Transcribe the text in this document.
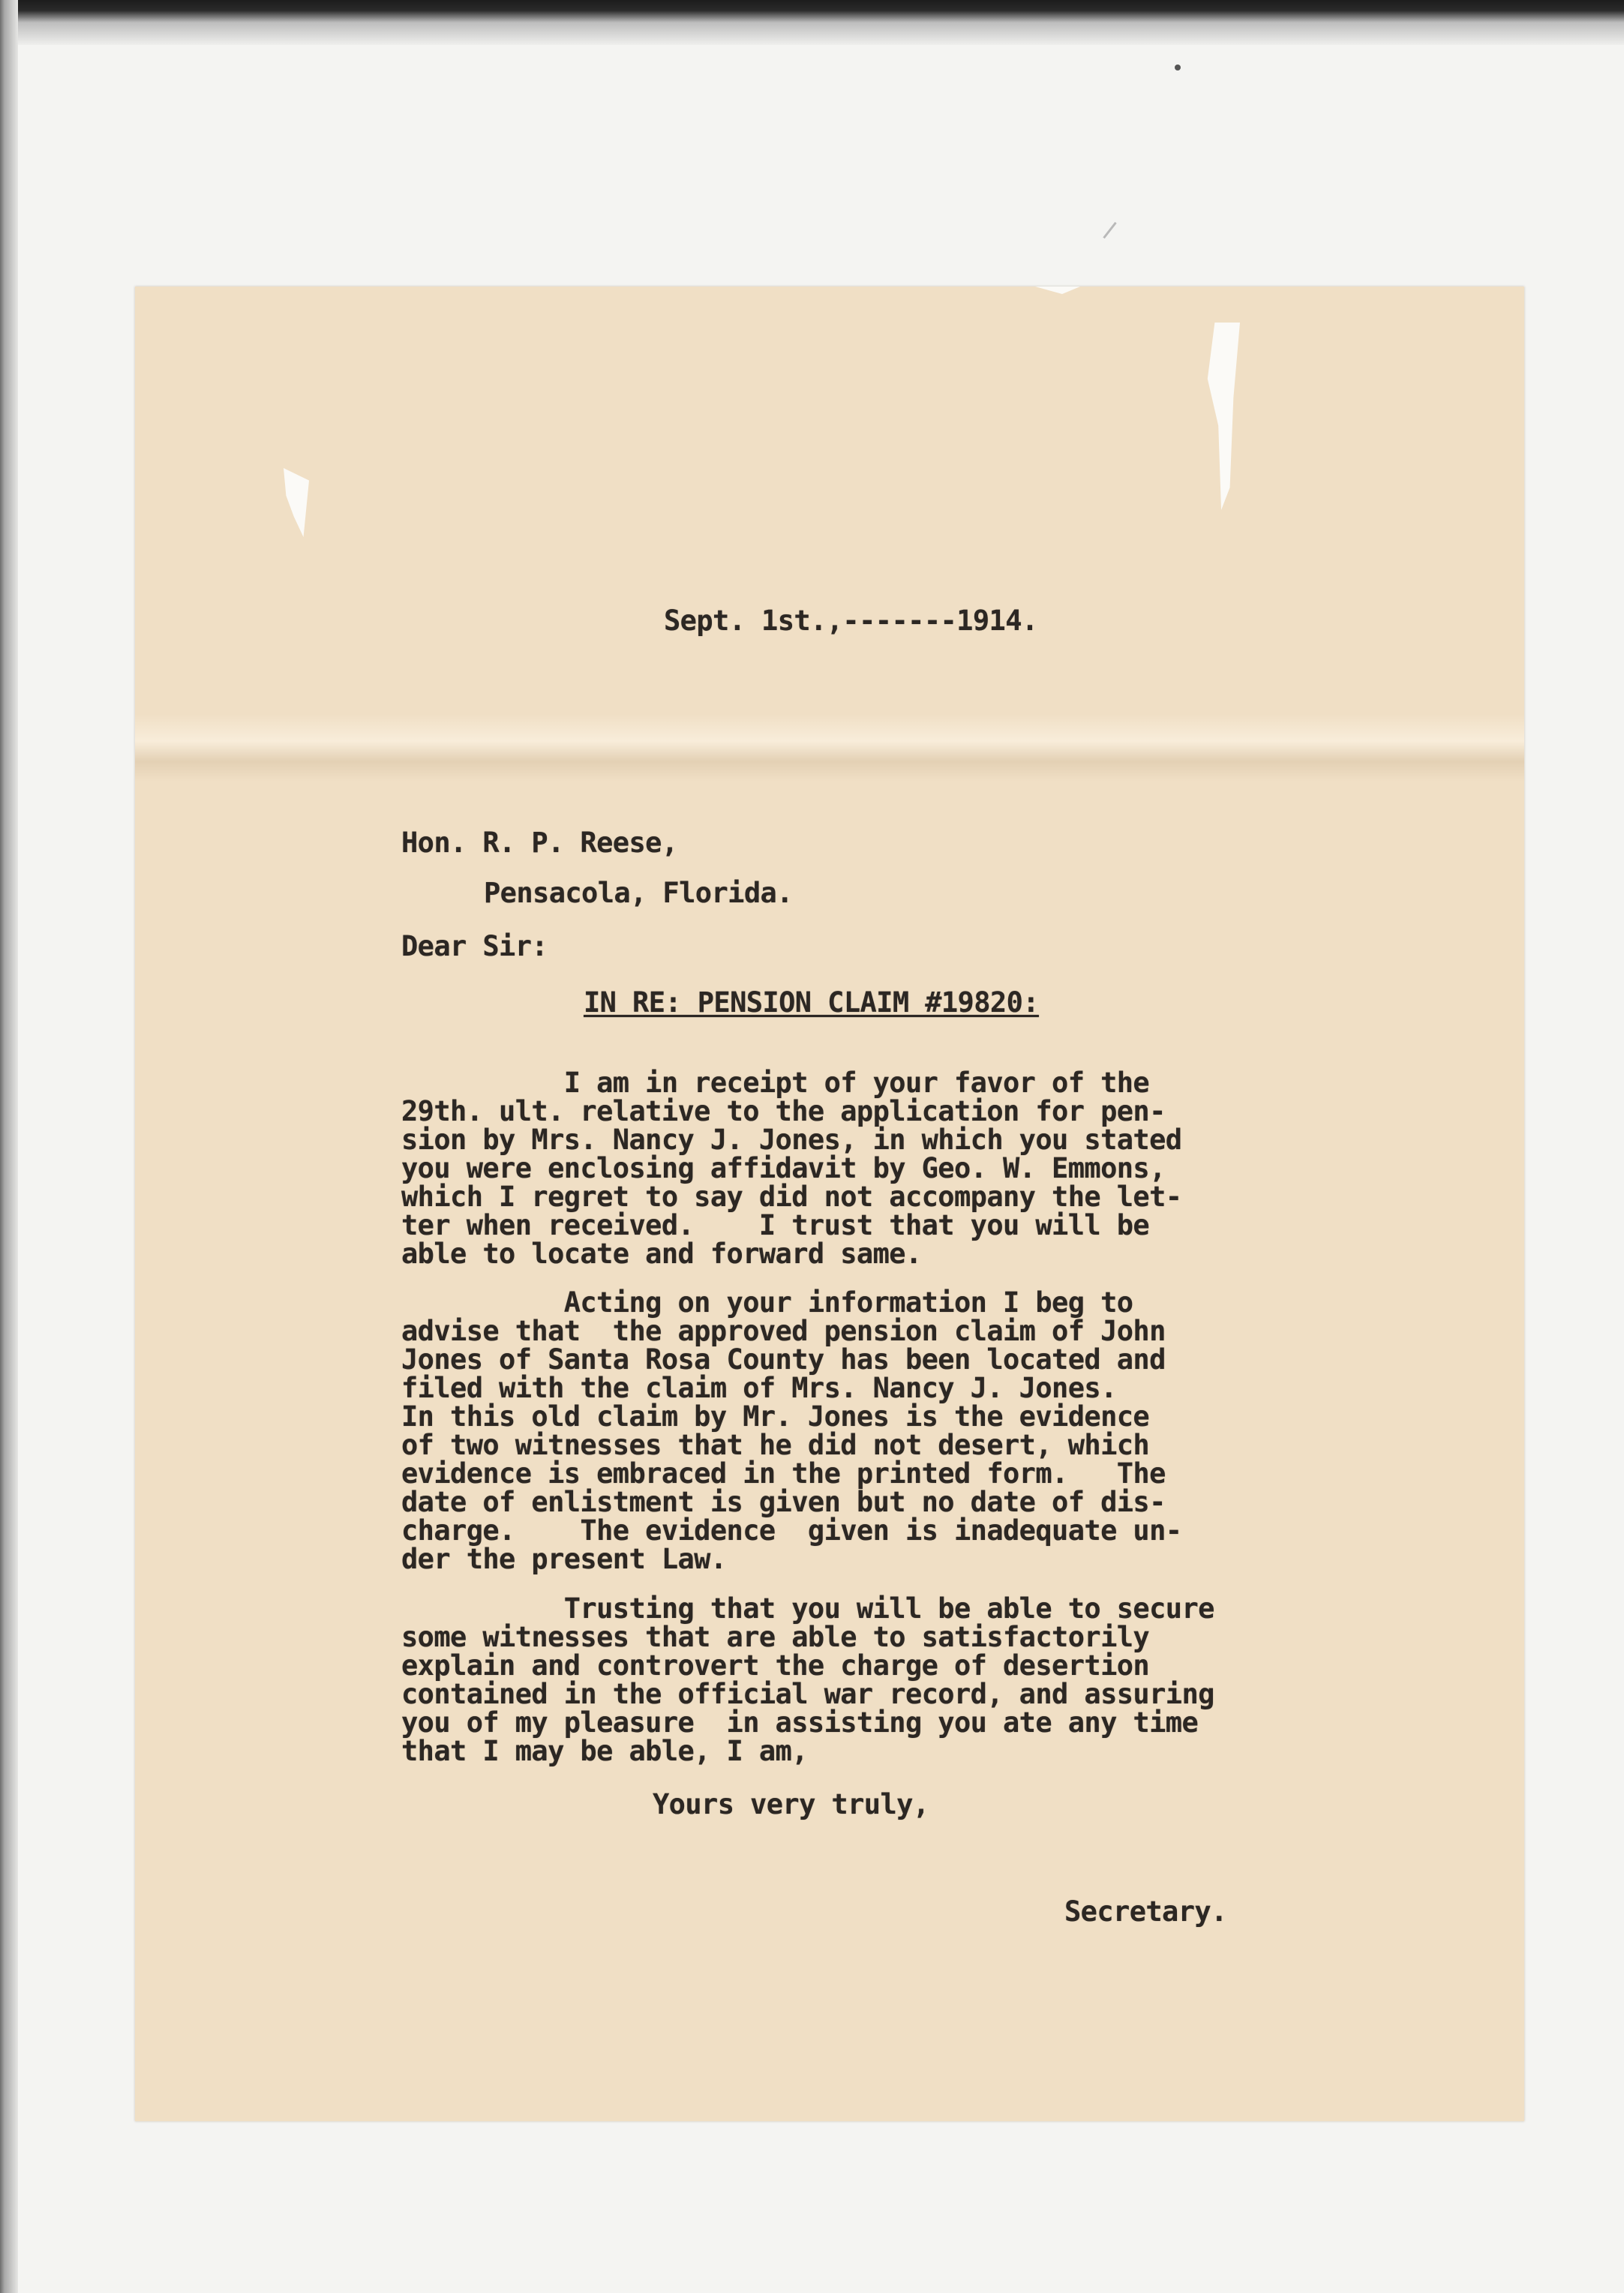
Sept. 1st.,-------1914.
Hon. R. P. Reese,
Pensacola, Florida.
Dear Sir:
IN RE: PENSION CLAIM #19820:
I am in receipt of your favor of the
29th. ult. relative to the application for pen-
sion by Mrs. Nancy J. Jones, in which you stated
you were enclosing affidavit by Geo. W. Emmons,
which I regret to say did not accompany the let-
ter when received.    I trust that you will be
able to locate and forward same.
Acting on your information I beg to
advise that  the approved pension claim of John
Jones of Santa Rosa County has been located and
filed with the claim of Mrs. Nancy J. Jones.
In this old claim by Mr. Jones is the evidence
of two witnesses that he did not desert, which
evidence is embraced in the printed form.   The
date of enlistment is given but no date of dis-
charge.    The evidence  given is inadequate un-
der the present Law.
Trusting that you will be able to secure
some witnesses that are able to satisfactorily
explain and controvert the charge of desertion
contained in the official war record, and assuring
you of my pleasure  in assisting you ate any time
that I may be able, I am,
Yours very truly,
Secretary.
